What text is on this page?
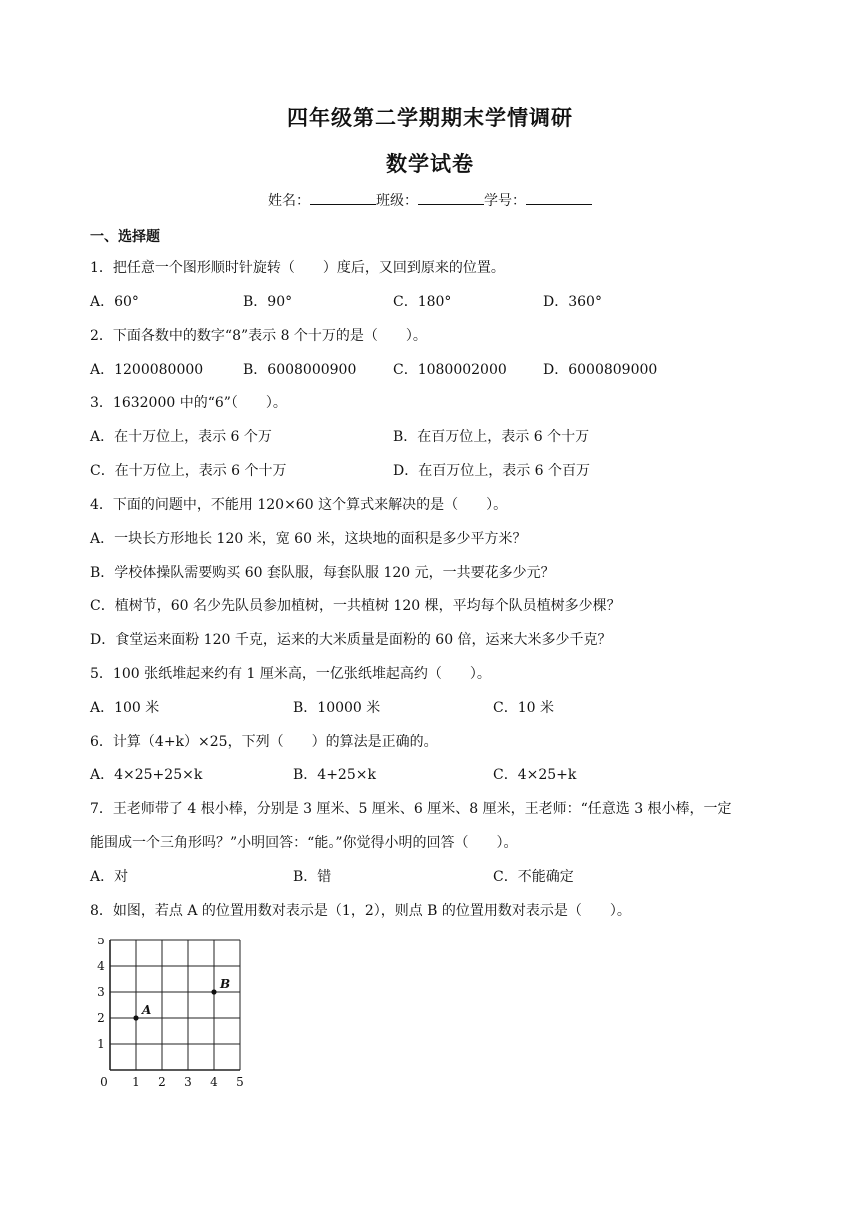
四年级第二学期期末学情调研
数学试卷
姓名：	班级：	学号：
一、选择题
1．把任意一个图形顺时针旋转（　　）度后，又回到原来的位置。
A．60°	B．90°	C．180°	D．360°
2．下面各数中的数字“8”表示 8 个十万的是（　　）。
A．1200080000	B．6008000900	C．1080002000	D．6000809000
3．1632000 中的“6”（　　）。
A．在十万位上，表示 6 个万	B．在百万位上，表示 6 个十万
C．在十万位上，表示 6 个十万	D．在百万位上，表示 6 个百万
4．下面的问题中，不能用 120×60 这个算式来解决的是（　　）。
A．一块长方形地长 120 米，宽 60 米，这块地的面积是多少平方米？
B．学校体操队需要购买 60 套队服，每套队服 120 元，一共要花多少元？
C．植树节，60 名少先队员参加植树，一共植树 120 棵，平均每个队员植树多少棵？
D．食堂运来面粉 120 千克，运来的大米质量是面粉的 60 倍，运来大米多少千克？
5．100 张纸堆起来约有 1 厘米高，一亿张纸堆起高约（　　）。
A．100 米	B．10000 米	C．10 米
6．计算（4+k）×25，下列（　　）的算法是正确的。
A．4×25+25×k	B．4+25×k	C．4×25+k
7．王老师带了 4 根小棒，分别是 3 厘米、5 厘米、6 厘米、8 厘米，王老师：“任意选 3 根小棒，一定
能围成一个三角形吗？”小明回答：“能。”你觉得小明的回答（　　）。
A．对	B．错	C．不能确定
8．如图，若点 A 的位置用数对表示是（1，2），则点 B 的位置用数对表示是（　　）。
0 1 2 3 4 5
1
2
3
4
5
A
B
